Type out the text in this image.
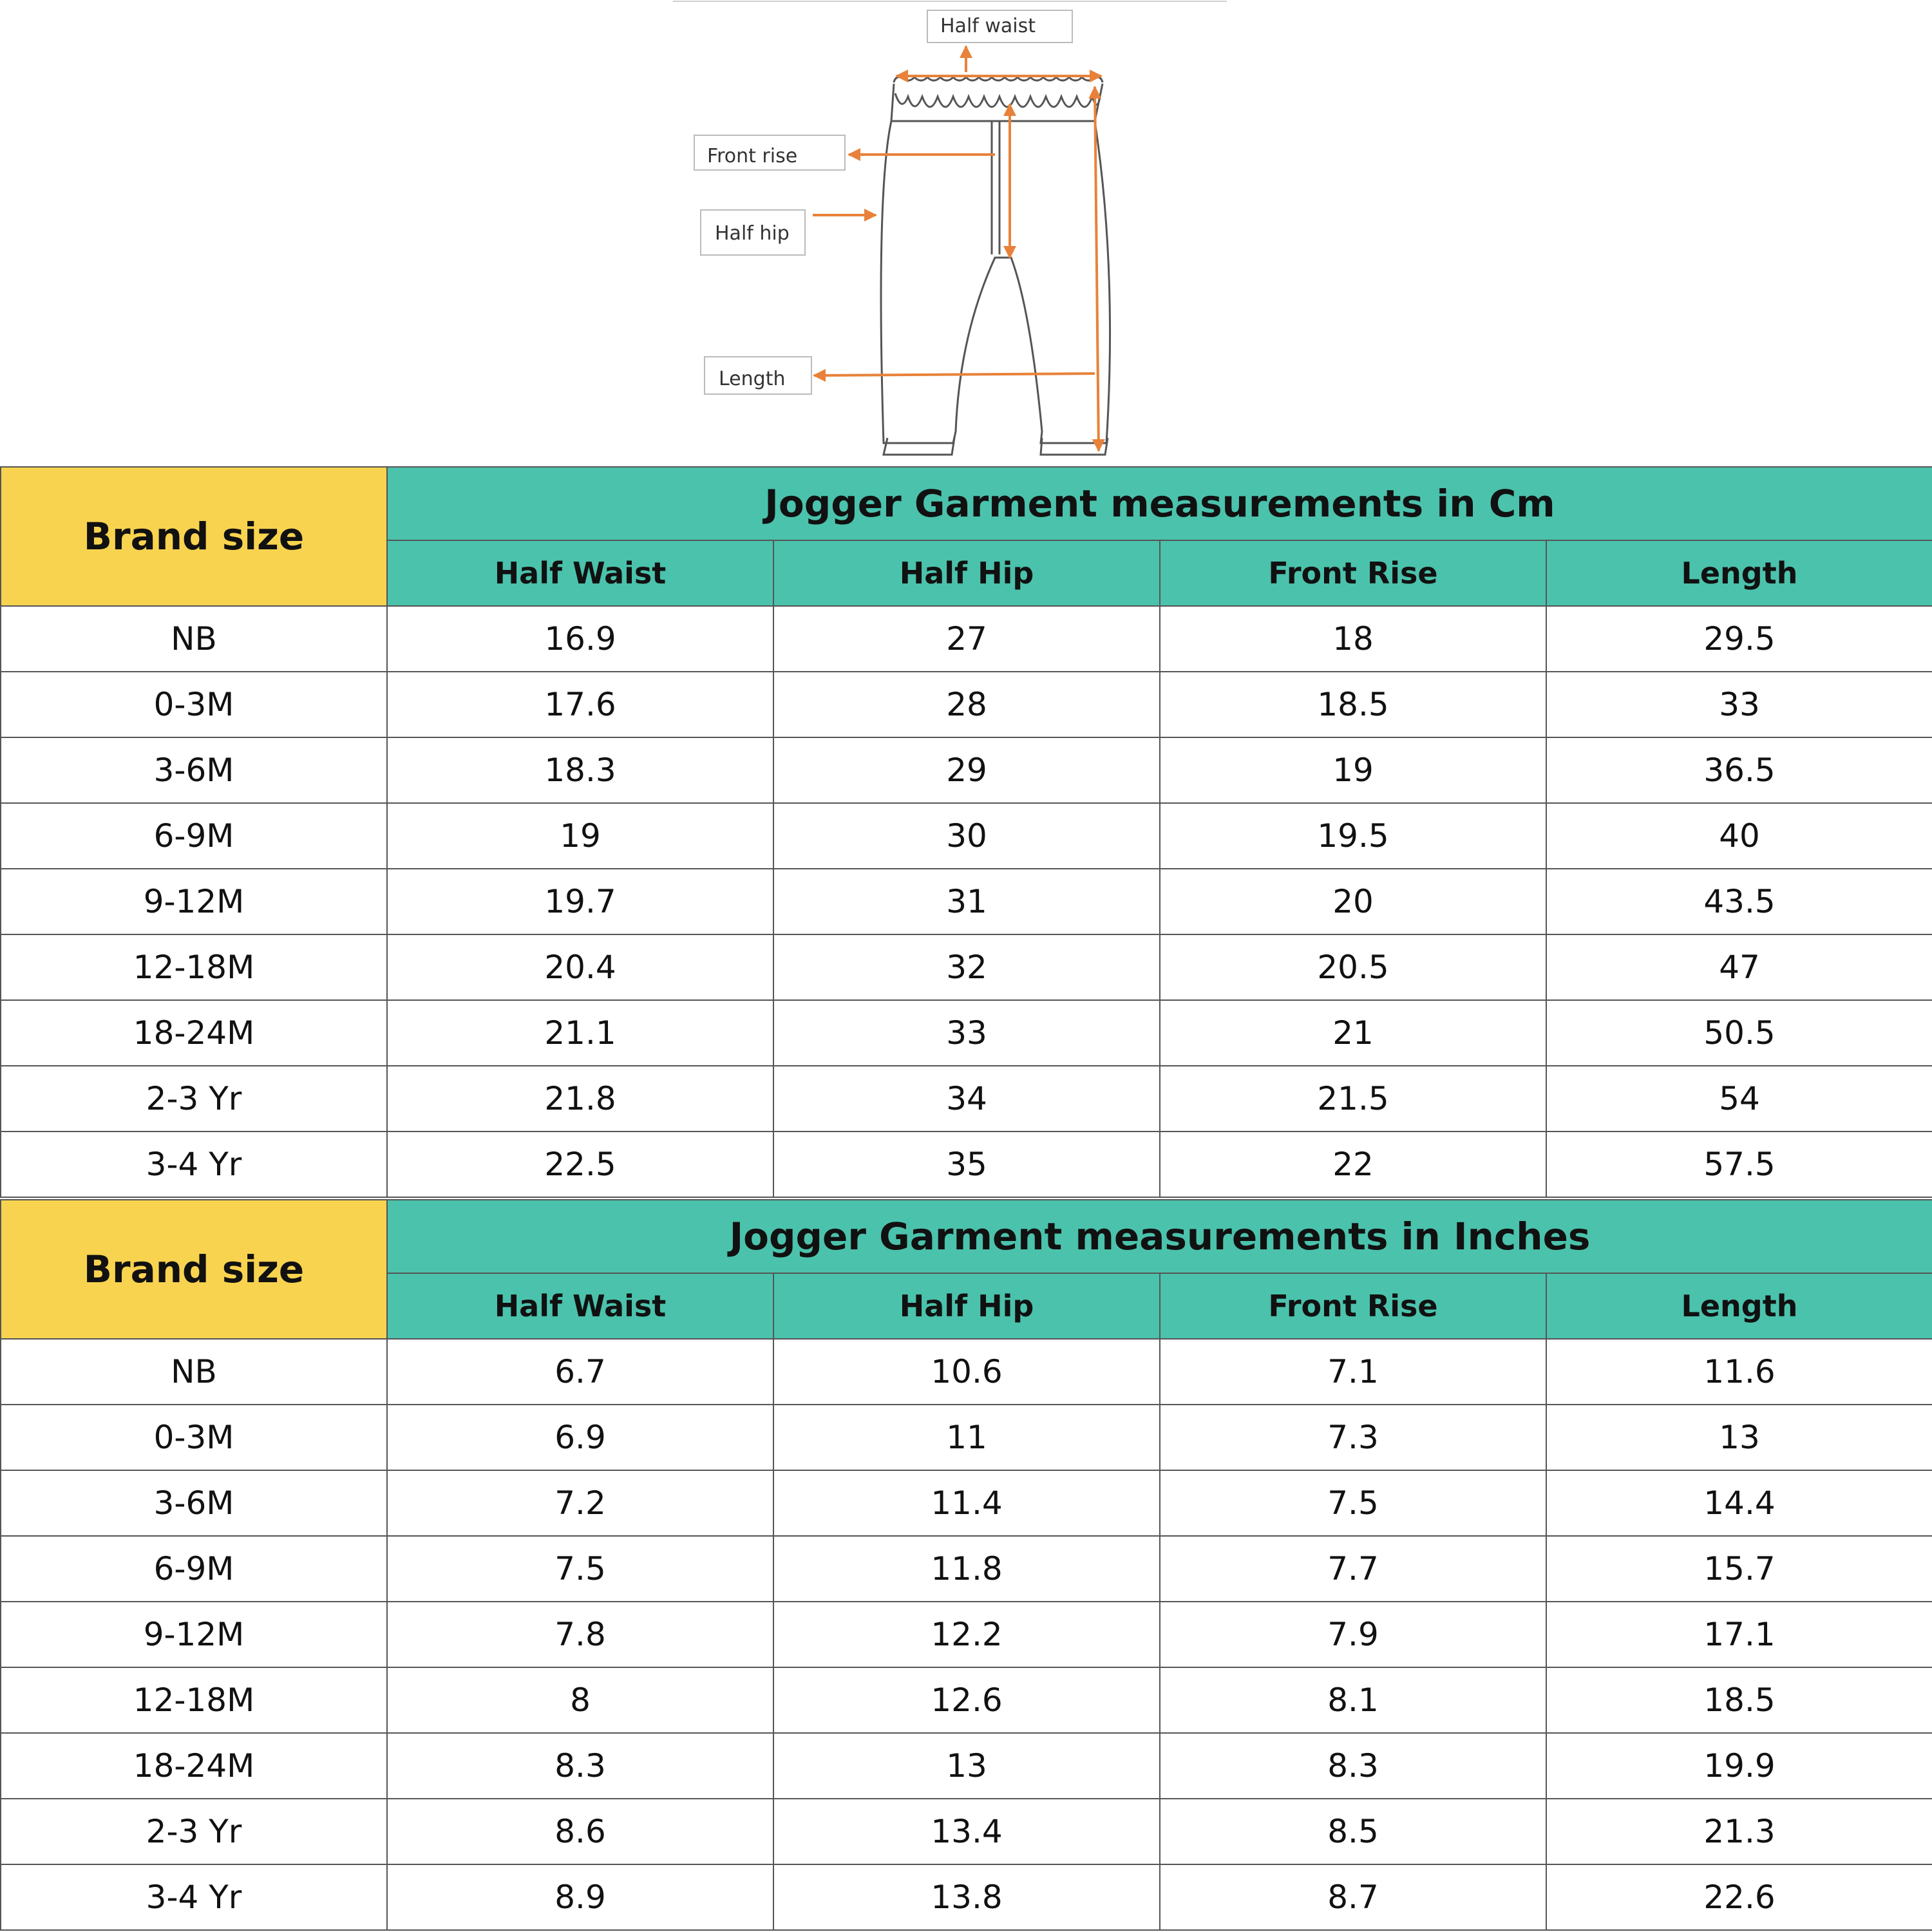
Half waist
Front rise
Half hip
Length
Brand size	Jogger Garment measurements in Cm			
	Half Waist	Half Hip	Front Rise	Length
NB	16.9	27	18	29.5
0-3M	17.6	28	18.5	33
3-6M	18.3	29	19	36.5
6-9M	19	30	19.5	40
9-12M	19.7	31	20	43.5
12-18M	20.4	32	20.5	47
18-24M	21.1	33	21	50.5
2-3 Yr	21.8	34	21.5	54
3-4 Yr	22.5	35	22	57.5
Brand size	Jogger Garment measurements in Inches			
	Half Waist	Half Hip	Front Rise	Length
NB	6.7	10.6	7.1	11.6
0-3M	6.9	11	7.3	13
3-6M	7.2	11.4	7.5	14.4
6-9M	7.5	11.8	7.7	15.7
9-12M	7.8	12.2	7.9	17.1
12-18M	8	12.6	8.1	18.5
18-24M	8.3	13	8.3	19.9
2-3 Yr	8.6	13.4	8.5	21.3
3-4 Yr	8.9	13.8	8.7	22.6
